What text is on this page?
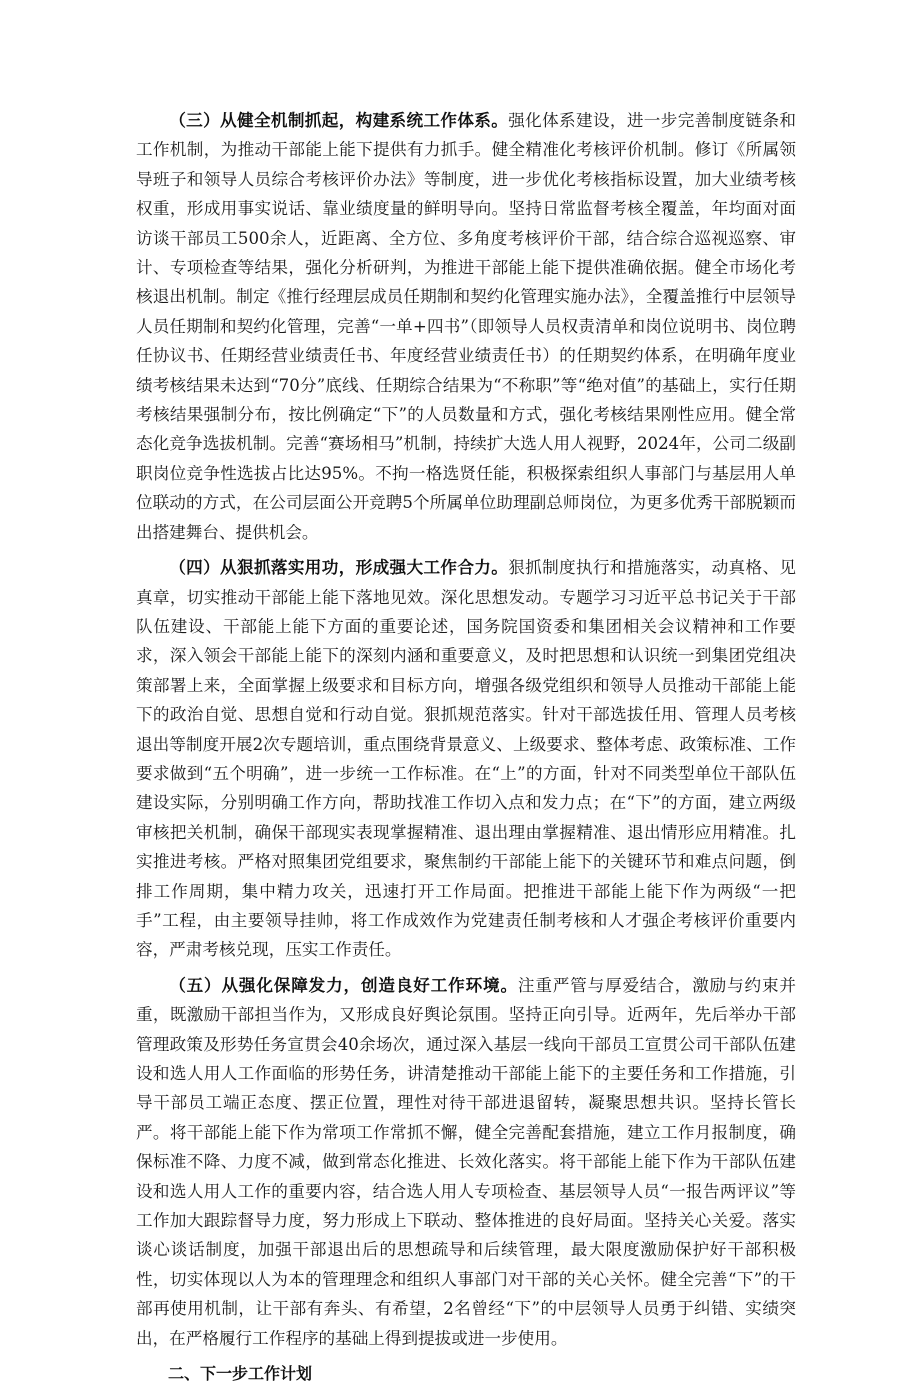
（三）从健全机制抓起，构建系统工作体系。强化体系建设，进一步完善制度链条和工作机制，为推动干部能上能下提供有力抓手。健全精准化考核评价机制。修订《所属领导班子和领导人员综合考核评价办法》等制度，进一步优化考核指标设置，加大业绩考核权重，形成用事实说话、靠业绩度量的鲜明导向。坚持日常监督考核全覆盖，年均面对面访谈干部员工500余人，近距离、全方位、多角度考核评价干部，结合综合巡视巡察、审计、专项检查等结果，强化分析研判，为推进干部能上能下提供准确依据。健全市场化考核退出机制。制定《推行经理层成员任期制和契约化管理实施办法》，全覆盖推行中层领导人员任期制和契约化管理，完善“一单+四书”（即领导人员权责清单和岗位说明书、岗位聘任协议书、任期经营业绩责任书、年度经营业绩责任书）的任期契约体系，在明确年度业绩考核结果未达到“70分”底线、任期综合结果为“不称职”等“绝对值”的基础上，实行任期考核结果强制分布，按比例确定“下”的人员数量和方式，强化考核结果刚性应用。健全常态化竞争选拔机制。完善“赛场相马”机制，持续扩大选人用人视野，2024年，公司二级副职岗位竞争性选拔占比达95%。不拘一格选贤任能，积极探索组织人事部门与基层用人单位联动的方式，在公司层面公开竞聘5个所属单位助理副总师岗位，为更多优秀干部脱颖而出搭建舞台、提供机会。

（四）从狠抓落实用功，形成强大工作合力。狠抓制度执行和措施落实，动真格、见真章，切实推动干部能上能下落地见效。深化思想发动。专题学习习近平总书记关于干部队伍建设、干部能上能下方面的重要论述，国务院国资委和集团相关会议精神和工作要求，深入领会干部能上能下的深刻内涵和重要意义，及时把思想和认识统一到集团党组决策部署上来，全面掌握上级要求和目标方向，增强各级党组织和领导人员推动干部能上能下的政治自觉、思想自觉和行动自觉。狠抓规范落实。针对干部选拔任用、管理人员考核退出等制度开展2次专题培训，重点围绕背景意义、上级要求、整体考虑、政策标准、工作要求做到“五个明确”，进一步统一工作标准。在“上”的方面，针对不同类型单位干部队伍建设实际，分别明确工作方向，帮助找准工作切入点和发力点；在“下”的方面，建立两级审核把关机制，确保干部现实表现掌握精准、退出理由掌握精准、退出情形应用精准。扎实推进考核。严格对照集团党组要求，聚焦制约干部能上能下的关键环节和难点问题，倒排工作周期，集中精力攻关，迅速打开工作局面。把推进干部能上能下作为两级“一把手”工程，由主要领导挂帅，将工作成效作为党建责任制考核和人才强企考核评价重要内容，严肃考核兑现，压实工作责任。

（五）从强化保障发力，创造良好工作环境。注重严管与厚爱结合，激励与约束并重，既激励干部担当作为，又形成良好舆论氛围。坚持正向引导。近两年，先后举办干部管理政策及形势任务宣贯会40余场次，通过深入基层一线向干部员工宣贯公司干部队伍建设和选人用人工作面临的形势任务，讲清楚推动干部能上能下的主要任务和工作措施，引导干部员工端正态度、摆正位置，理性对待干部进退留转，凝聚思想共识。坚持长管长严。将干部能上能下作为常项工作常抓不懈，健全完善配套措施，建立工作月报制度，确保标准不降、力度不减，做到常态化推进、长效化落实。将干部能上能下作为干部队伍建设和选人用人工作的重要内容，结合选人用人专项检查、基层领导人员“一报告两评议”等工作加大跟踪督导力度，努力形成上下联动、整体推进的良好局面。坚持关心关爱。落实谈心谈话制度，加强干部退出后的思想疏导和后续管理，最大限度激励保护好干部积极性，切实体现以人为本的管理理念和组织人事部门对干部的关心关怀。健全完善“下”的干部再使用机制，让干部有奔头、有希望，2名曾经“下”的中层领导人员勇于纠错、实绩突出，在严格履行工作程序的基础上得到提拔或进一步使用。

二、下一步工作计划
